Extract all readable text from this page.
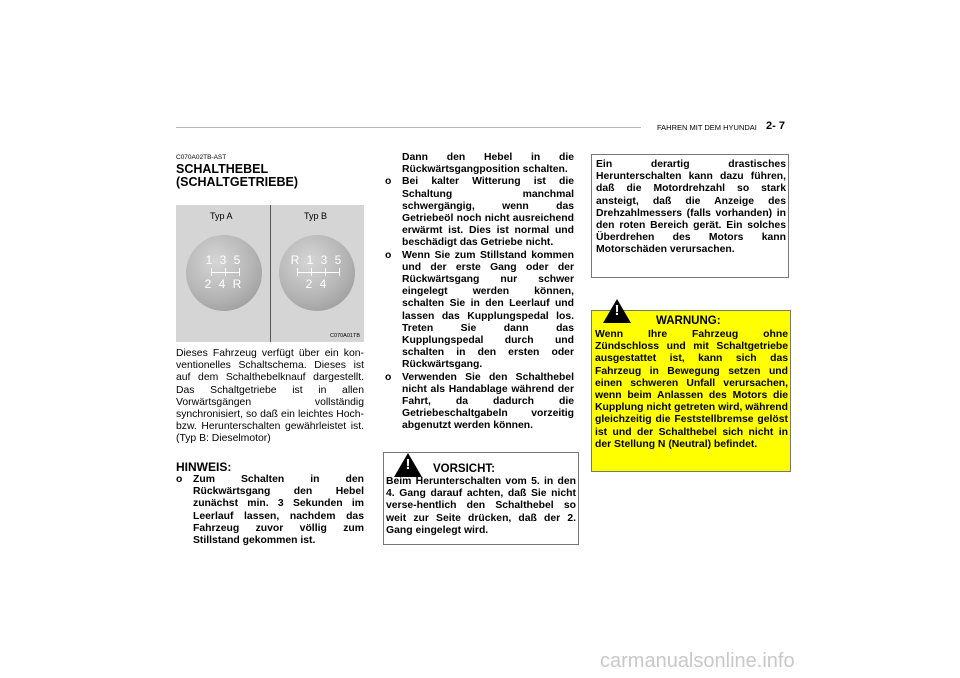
FAHREN MIT DEM HYUNDAI 2- 7
C070A02TB-AST
SCHALTHEBEL
(SCHALTGETRIEBE)
Typ A	Typ B
1 3 5
2 4 R
R 1 3 5
2 4
C070A01TB
Dieses Fahrzeug verfügt über ein kon-ventionelles Schaltschema. Dieses ist auf dem Schalthebelknauf dargestellt. Das Schaltgetriebe ist in allen Vorwärtsgängen vollständig synchronisiert, so daß ein leichtes Hoch- bzw. Herunterschalten gewährleistet ist. (Typ B: Dieselmotor)
HINWEIS:
o Zum Schalten in den Rückwärtsgang den Hebel zunächst min. 3 Sekunden im Leerlauf lassen, nachdem das Fahrzeug zuvor völlig zum Stillstand gekommen ist.
Dann den Hebel in die Rückwärtsgangposition schalten.
o Bei kalter Witterung ist die Schaltung manchmal schwergängig, wenn das Getriebeöl noch nicht ausreichend erwärmt ist. Dies ist normal und beschädigt das Getriebe nicht.
o Wenn Sie zum Stillstand kommen und der erste Gang oder der Rückwärtsgang nur schwer eingelegt werden können, schalten Sie in den Leerlauf und lassen das Kupplungspedal los. Treten Sie dann das Kupplungspedal durch und schalten in den ersten oder Rückwärtsgang.
o Verwenden Sie den Schalthebel nicht als Handablage während der Fahrt, da dadurch die Getriebeschaltgabeln vorzeitig abgenutzt werden können.
!	VORSICHT:
Beim Herunterschalten vom 5. in den 4. Gang darauf achten, daß Sie nicht verse-hentlich den Schalthebel so weit zur Seite drücken, daß der 2. Gang eingelegt wird.
Ein derartig drastisches Herunterschalten kann dazu führen, daß die Motordrehzahl so stark ansteigt, daß die Anzeige des Drehzahlmessers (falls vorhanden) in den roten Bereich gerät. Ein solches Überdrehen des Motors kann Motorschäden verursachen.
!
WARNUNG:
Wenn Ihre Fahrzeug ohne Zündschloss und mit Schaltgetriebe ausgestattet ist, kann sich das Fahrzeug in Bewegung setzen und einen schweren Unfall verursachen, wenn beim Anlassen des Motors die Kupplung nicht getreten wird, während gleichzeitig die Feststellbremse gelöst ist und der Schalthebel sich nicht in der Stellung N (Neutral) befindet.
carmanualsonline.info
